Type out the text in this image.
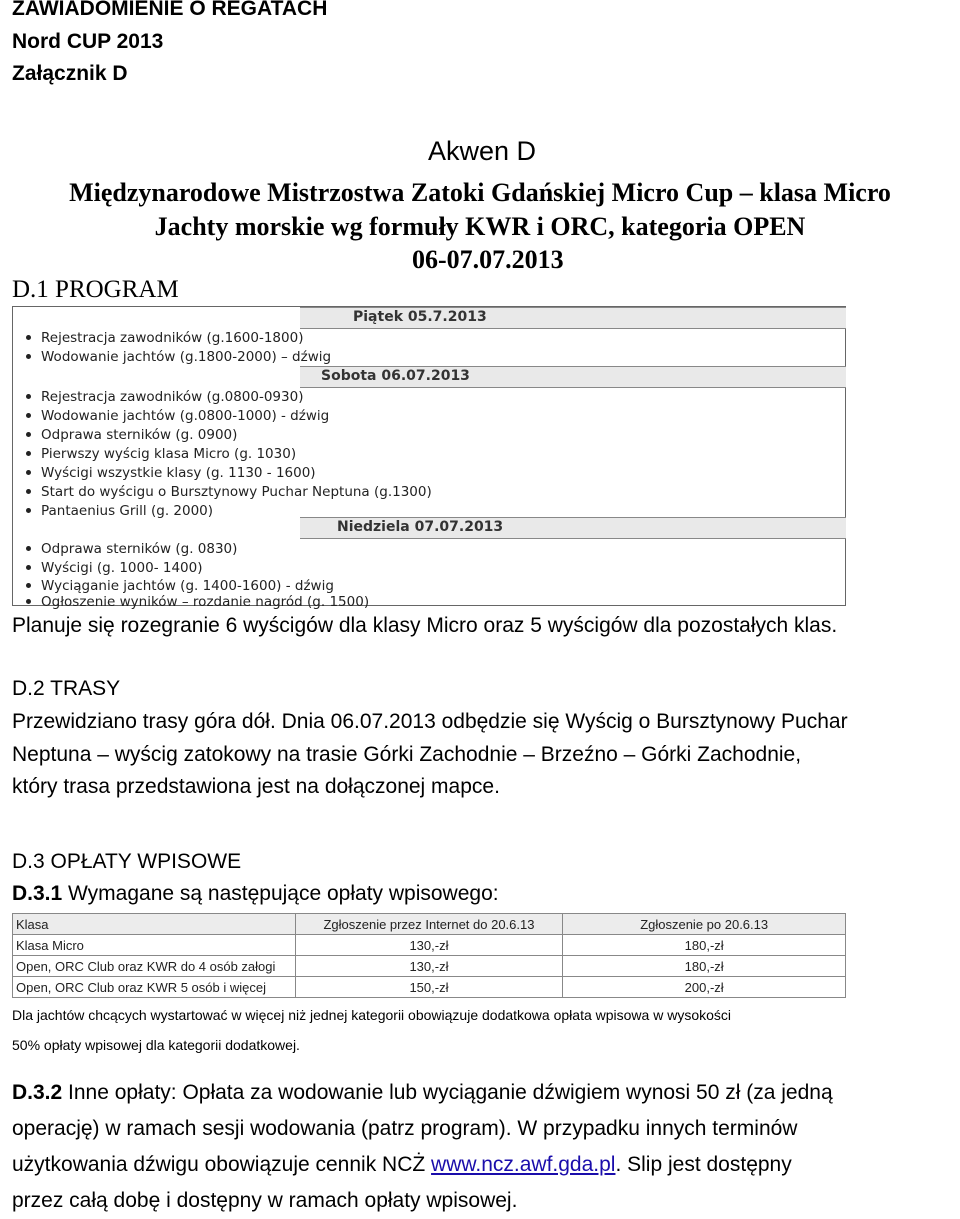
ZAWIADOMIENIE O REGATACH
Nord CUP 2013
Załącznik D
Akwen D
Międzynarodowe Mistrzostwa Zatoki Gdańskiej Micro Cup – klasa Micro
Jachty morskie wg formuły KWR i ORC, kategoria OPEN
06-07.07.2013
D.1 PROGRAM
Piątek 05.7.2013
Rejestracja zawodników (g.1600-1800)
Wodowanie jachtów (g.1800-2000) – dźwig
Sobota 06.07.2013
Rejestracja zawodników (g.0800-0930)
Wodowanie jachtów (g.0800-1000) - dźwig
Odprawa sterników (g. 0900)
Pierwszy wyścig klasa Micro (g. 1030)
Wyścigi wszystkie klasy (g. 1130 - 1600)
Start do wyścigu o Bursztynowy Puchar Neptuna (g.1300)
Pantaenius Grill (g. 2000)
Niedziela 07.07.2013
Odprawa sterników (g. 0830)
Wyścigi (g. 1000- 1400)
Wyciąganie jachtów (g. 1400-1600) - dźwig
Ogłoszenie wyników – rozdanie nagród (g. 1500)
Planuje się rozegranie 6 wyścigów dla klasy Micro oraz 5 wyścigów dla pozostałych klas.
D.2 TRASY
Przewidziano trasy góra dół. Dnia 06.07.2013 odbędzie się Wyścig o Bursztynowy Puchar
Neptuna – wyścig zatokowy na trasie Górki Zachodnie – Brzeźno – Górki Zachodnie,
który trasa przedstawiona jest na dołączonej mapce.
D.3 OPŁATY WPISOWE
D.3.1 Wymagane są następujące opłaty wpisowego:
Klasa	Zgłoszenie przez Internet do 20.6.13	Zgłoszenie po 20.6.13
Klasa Micro	130,-zł	180,-zł
Open, ORC Club oraz KWR do 4 osób załogi	130,-zł	180,-zł
Open, ORC Club oraz KWR 5 osób i więcej	150,-zł	200,-zł
Dla jachtów chcących wystartować w więcej niż jednej kategorii obowiązuje dodatkowa opłata wpisowa w wysokości
50% opłaty wpisowej dla kategorii dodatkowej.
D.3.2 Inne opłaty: Opłata za wodowanie lub wyciąganie dźwigiem wynosi 50 zł (za jedną
operację) w ramach sesji wodowania (patrz program). W przypadku innych terminów
użytkowania dźwigu obowiązuje cennik NCŻ www.ncz.awf.gda.pl. Slip jest dostępny
przez całą dobę i dostępny w ramach opłaty wpisowej.
